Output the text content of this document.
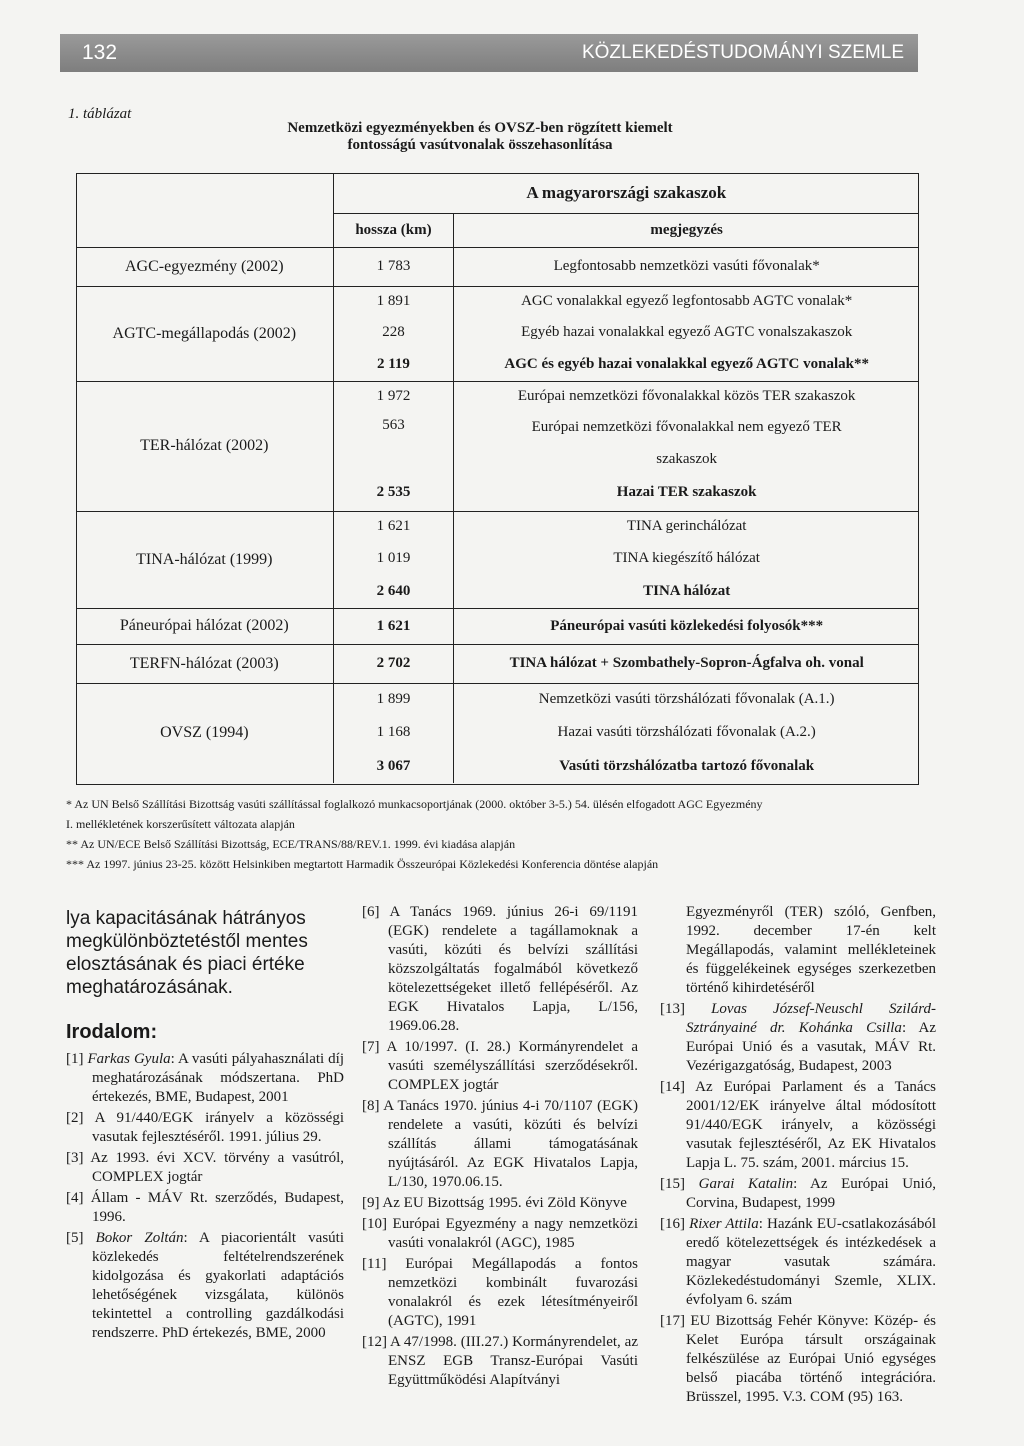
132	KÖZLEKEDÉSTUDOMÁNYI SZEMLE
1. táblázat
Nemzetközi egyezményekben és OVSZ-ben rögzített kiemelt
fontosságú vasútvonalak összehasonlítása
	A magyarországi szakaszok	
	hossza (km)	megjegyzés
AGC-egyezmény (2002)	1 783	Legfontosabb nemzetközi vasúti fővonalak*
AGTC-megállapodás (2002)	1 891	AGC vonalakkal egyező legfontosabb AGTC vonalak*
	228	Egyéb hazai vonalakkal egyező AGTC vonalszakaszok
	2 119	AGC és egyéb hazai vonalakkal egyező AGTC vonalak**
TER-hálózat (2002)	1 972	Európai nemzetközi fővonalakkal közös TER szakaszok
	563	Európai nemzetközi fővonalakkal nem egyező TER
szakaszok

	2 535	Hazai TER szakaszok
TINA-hálózat (1999)	1 621	TINA gerinchálózat
	1 019	TINA kiegészítő hálózat
	2 640	TINA hálózat
Páneurópai hálózat (2002)	1 621	Páneurópai vasúti közlekedési folyosók***
TERFN-hálózat (2003)	2 702	TINA hálózat + Szombathely-Sopron-Ágfalva oh. vonal
OVSZ (1994)	1 899	Nemzetközi vasúti törzshálózati fővonalak (A.1.)
	1 168	Hazai vasúti törzshálózati fővonalak (A.2.)
	3 067	Vasúti törzshálózatba tartozó fővonalak
* Az UN Belső Szállítási Bizottság vasúti szállítással foglalkozó munkacsoportjának (2000. október 3-5.) 54. ülésén elfogadott AGC Egyezmény
I. mellékletének korszerűsített változata alapján
** Az UN/ECE Belső Szállítási Bizottság, ECE/TRANS/88/REV.1. 1999. évi kiadása alapján
*** Az 1997. június 23-25. között Helsinkiben megtartott Harmadik Összeurópai Közlekedési Konferencia döntése alapján
lya kapacitásának hátrányos megkülönböztetéstől mentes elosztásának és piaci értéke meghatározásának.
Irodalom:
[1] Farkas Gyula: A vasúti pályahasználati díj meghatározásának módszertana. PhD értekezés, BME, Budapest, 2001
[2] A 91/440/EGK irányelv a közösségi vasutak fejlesztéséről. 1991. július 29.
[3] Az 1993. évi XCV. törvény a vasútról, COMPLEX jogtár
[4] Állam - MÁV Rt. szerződés, Budapest, 1996.
[5] Bokor Zoltán: A piacorientált vasúti közlekedés feltételrendszerének kidolgozása és gyakorlati adaptációs lehetőségének vizsgálata, különös tekintettel a controlling gazdálkodási rendszerre. PhD értekezés, BME, 2000
[6] A Tanács 1969. június 26-i 69/1191 (EGK) rendelete a tagállamoknak a vasúti, közúti és belvízi szállítási közszolgáltatás fogalmából következő kötelezettségeket illető fellépéséről. Az EGK Hivatalos Lapja, L/156, 1969.06.28.
[7] A 10/1997. (I. 28.) Kormányrendelet a vasúti személyszállítási szerződésekről. COMPLEX jogtár
[8] A Tanács 1970. június 4-i 70/1107 (EGK) rendelete a vasúti, közúti és belvízi szállítás állami támogatásának nyújtásáról. Az EGK Hivatalos Lapja, L/130, 1970.06.15.
[9] Az EU Bizottság 1995. évi Zöld Könyve
[10] Európai Egyezmény a nagy nemzetközi vasúti vonalakról (AGC), 1985
[11] Európai Megállapodás a fontos nemzetközi kombinált fuvarozási vonalakról és ezek létesítményeiről (AGTC), 1991
[12] A 47/1998. (III.27.) Kormányrendelet, az ENSZ EGB Transz-Európai Vasúti Együttműködési Alapítványi
Egyezményről (TER) szóló, Genfben, 1992. december 17-én kelt Megállapodás, valamint mellékleteinek és függelékeinek egységes szerkezetben történő kihirdetéséről
[13] Lovas József-Neuschl Szilárd-Sztrányainé dr. Kohánka Csilla: Az Európai Unió és a vasutak, MÁV Rt. Vezérigazgatóság, Budapest, 2003
[14] Az Európai Parlament és a Tanács 2001/12/EK irányelve által módosított 91/440/EGK irányelv, a közösségi vasutak fejlesztéséről, Az EK Hivatalos Lapja L. 75. szám, 2001. március 15.
[15] Garai Katalin: Az Európai Unió, Corvina, Budapest, 1999
[16] Rixer Attila: Hazánk EU-csatlakozásából eredő kötelezettségek és intézkedések a magyar vasutak számára. Közlekedéstudományi Szemle, XLIX. évfolyam 6. szám
[17] EU Bizottság Fehér Könyve: Közép- és Kelet Európa társult országainak felkészülése az Európai Unió egységes belső piacába történő integrációra. Brüsszel, 1995. V.3. COM (95) 163.
